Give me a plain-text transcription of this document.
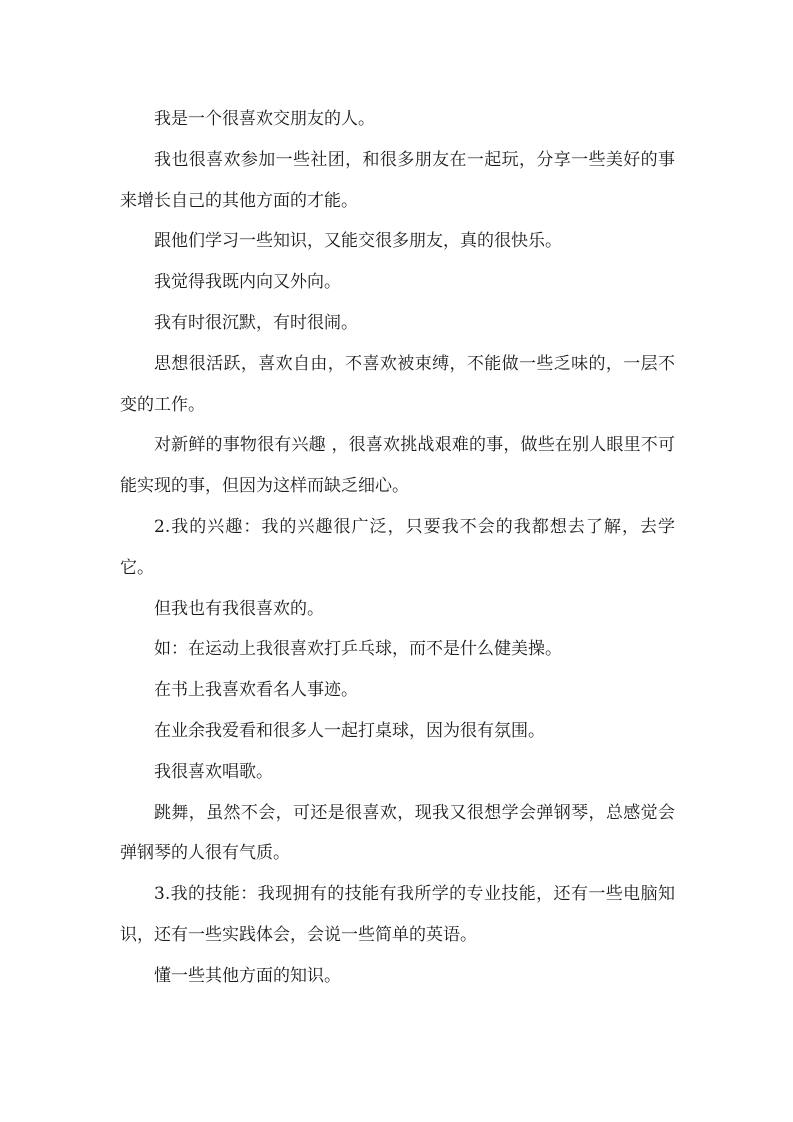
我是一个很喜欢交朋友的人。

我也很喜欢参加一些社团，和很多朋友在一起玩，分享一些美好的事来增长自己的其他方面的才能。

跟他们学习一些知识，又能交很多朋友，真的很快乐。

我觉得我既内向又外向。

我有时很沉默，有时很闹。

思想很活跃，喜欢自由，不喜欢被束缚，不能做一些乏味的，一层不变的工作。

对新鲜的事物很有兴趣 ，很喜欢挑战艰难的事，做些在别人眼里不可能实现的事，但因为这样而缺乏细心。

2.我的兴趣：我的兴趣很广泛，只要我不会的我都想去了解，去学它。

但我也有我很喜欢的。

如：在运动上我很喜欢打乒乓球，而不是什么健美操。

在书上我喜欢看名人事迹。

在业余我爱看和很多人一起打桌球，因为很有氛围。

我很喜欢唱歌。

跳舞，虽然不会，可还是很喜欢，现我又很想学会弹钢琴，总感觉会弹钢琴的人很有气质。

3.我的技能：我现拥有的技能有我所学的专业技能，还有一些电脑知识，还有一些实践体会，会说一些简单的英语。

懂一些其他方面的知识。
